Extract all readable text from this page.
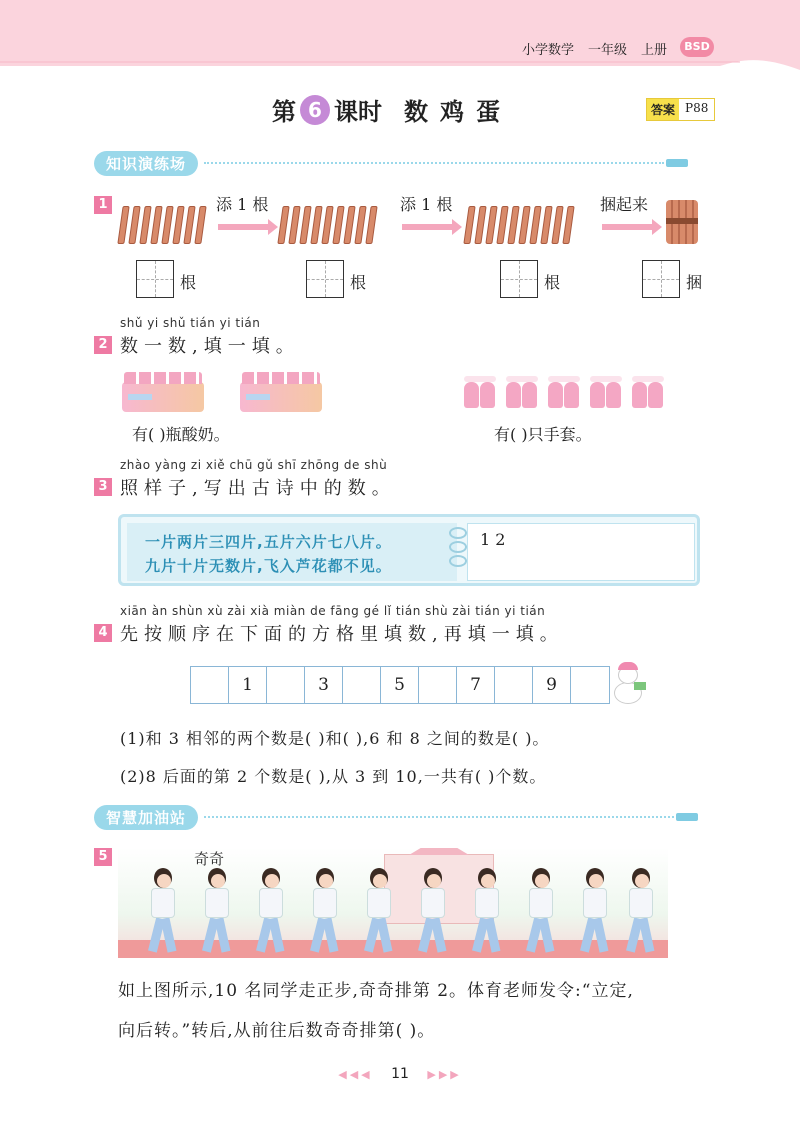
小学数学 一年级 上册	BSD
第 6 课时 数鸡蛋	答案 P88
知识演练场
1	添 1 根	添 1 根	捆起来
根	根	根	捆
shǔ yi shǔ tián yi tián
2 数一数,填一填。
有( )瓶酸奶。	有( )只手套。
zhào yàng zi xiě chū gǔ shī zhōng de shù
3 照样子,写出古诗中的数。
一片两片三四片,五片六片七八片。
九片十片无数片,飞入芦花都不见。
1 2
xiān àn shùn xù zài xià miàn de fāng gé lǐ tián shù zài tián yi tián
4 先按顺序在下面的方格里填数,再填一填。
1	3	5	7	9
(1)和 3 相邻的两个数是( )和( ),6 和 8 之间的数是( )。
(2)8 后面的第 2 个数是( ),从 3 到 10,一共有( )个数。
智慧加油站
5	奇奇
如上图所示,10 名同学走正步,奇奇排第 2。体育老师发令:“立定,
向后转。”转后,从前往后数奇奇排第( )。
◀◀◀ 11 ▶▶▶
